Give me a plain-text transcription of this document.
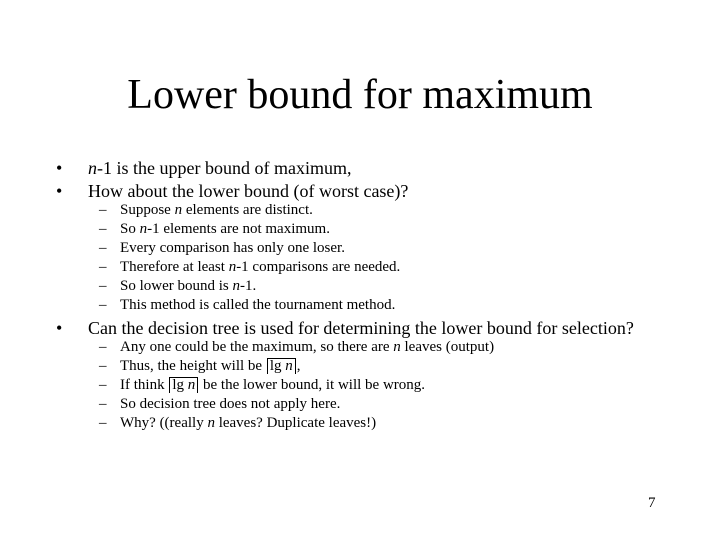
Lower bound for maximum
•	n-1 is the upper bound of maximum,
•	How about the lower bound (of worst case)?
– Suppose n elements are distinct.
– So n-1 elements are not maximum.
– Every comparison has only one loser.
– Therefore at least n-1 comparisons are needed.
– So lower bound is n-1.
– This method is called the tournament method.
•	Can the decision tree is used for determining the lower bound for selection?
– Any one could be the maximum, so there are n leaves (output)
– Thus, the height will be lg n ,
– If think lg n be the lower bound, it will be wrong.
– So decision tree does not apply here.
– Why? ((really n leaves? Duplicate leaves!)
7
